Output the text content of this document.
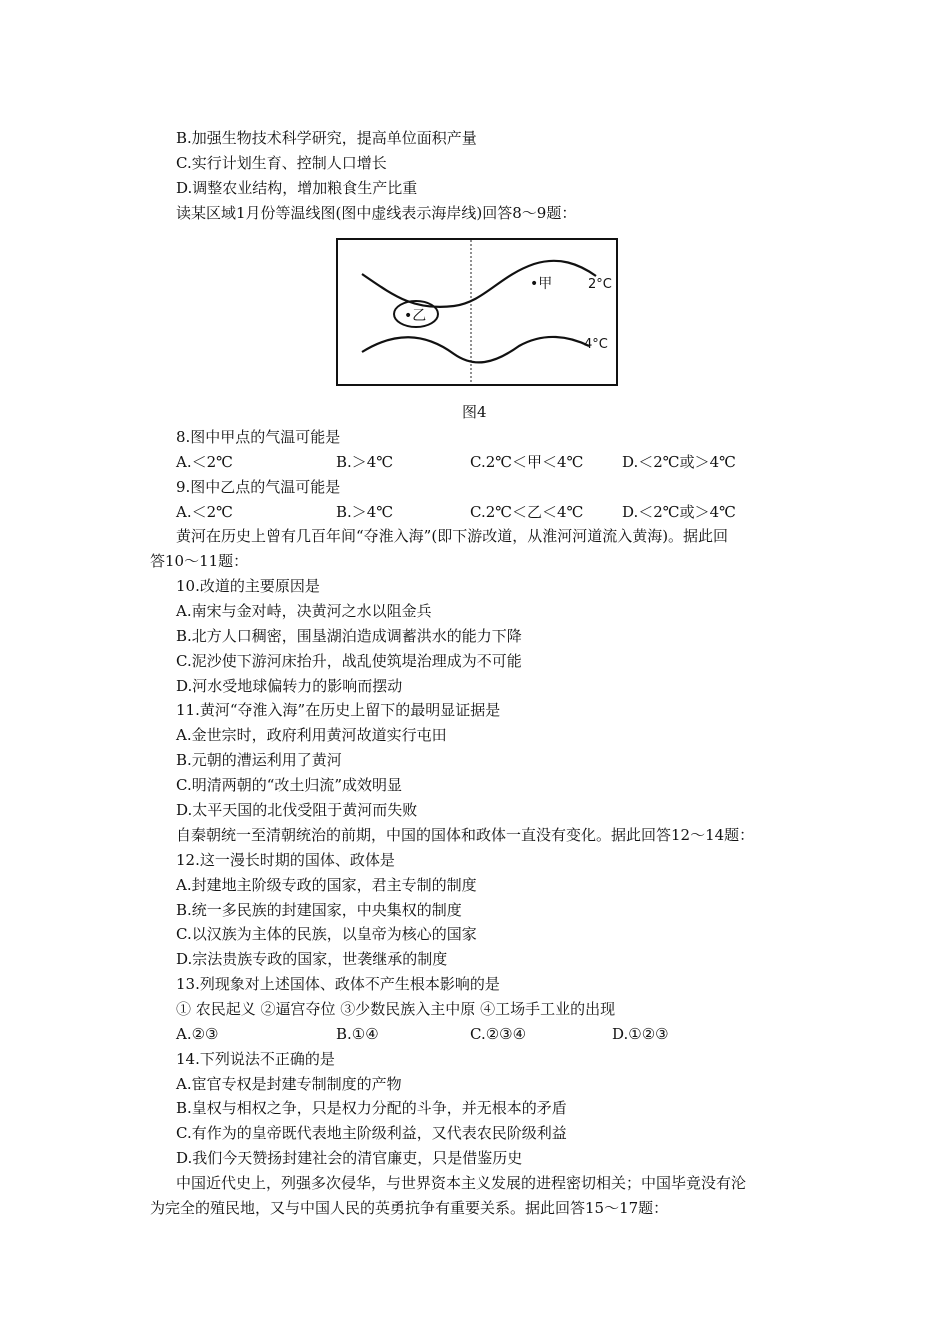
B.加强生物技术科学研究，提高单位面积产量
C.实行计划生育、控制人口增长
D.调整农业结构，增加粮食生产比重
读某区域1月份等温线图(图中虚线表示海岸线)回答8～9题：
•乙
•甲	2°C
4°C
图4
8.图中甲点的气温可能是
A.＜2℃	B.＞4℃	C.2℃＜甲＜4℃	D.＜2℃或＞4℃
9.图中乙点的气温可能是
A.＜2℃	B.＞4℃	C.2℃＜乙＜4℃	D.＜2℃或＞4℃
黄河在历史上曾有几百年间“夺淮入海”(即下游改道，从淮河河道流入黄海)。据此回
答10～11题：
10.改道的主要原因是
A.南宋与金对峙，决黄河之水以阻金兵
B.北方人口稠密，围垦湖泊造成调蓄洪水的能力下降
C.泥沙使下游河床抬升，战乱使筑堤治理成为不可能
D.河水受地球偏转力的影响而摆动
11.黄河“夺淮入海”在历史上留下的最明显证据是
A.金世宗时，政府利用黄河故道实行屯田
B.元朝的漕运利用了黄河
C.明清两朝的“改土归流”成效明显
D.太平天国的北伐受阻于黄河而失败
自秦朝统一至清朝统治的前期，中国的国体和政体一直没有变化。据此回答12～14题：
12.这一漫长时期的国体、政体是
A.封建地主阶级专政的国家，君主专制的制度
B.统一多民族的封建国家，中央集权的制度
C.以汉族为主体的民族，以皇帝为核心的国家
D.宗法贵族专政的国家，世袭继承的制度
13.列现象对上述国体、政体不产生根本影响的是
① 农民起义 ②逼宫夺位 ③少数民族入主中原 ④工场手工业的出现
A.②③	B.①④	C.②③④	D.①②③
14.下列说法不正确的是
A.宦官专权是封建专制制度的产物
B.皇权与相权之争，只是权力分配的斗争，并无根本的矛盾
C.有作为的皇帝既代表地主阶级利益，又代表农民阶级利益
D.我们今天赞扬封建社会的清官廉吏，只是借鉴历史
中国近代史上，列强多次侵华，与世界资本主义发展的进程密切相关；中国毕竟没有沦
为完全的殖民地，又与中国人民的英勇抗争有重要关系。据此回答15～17题：
